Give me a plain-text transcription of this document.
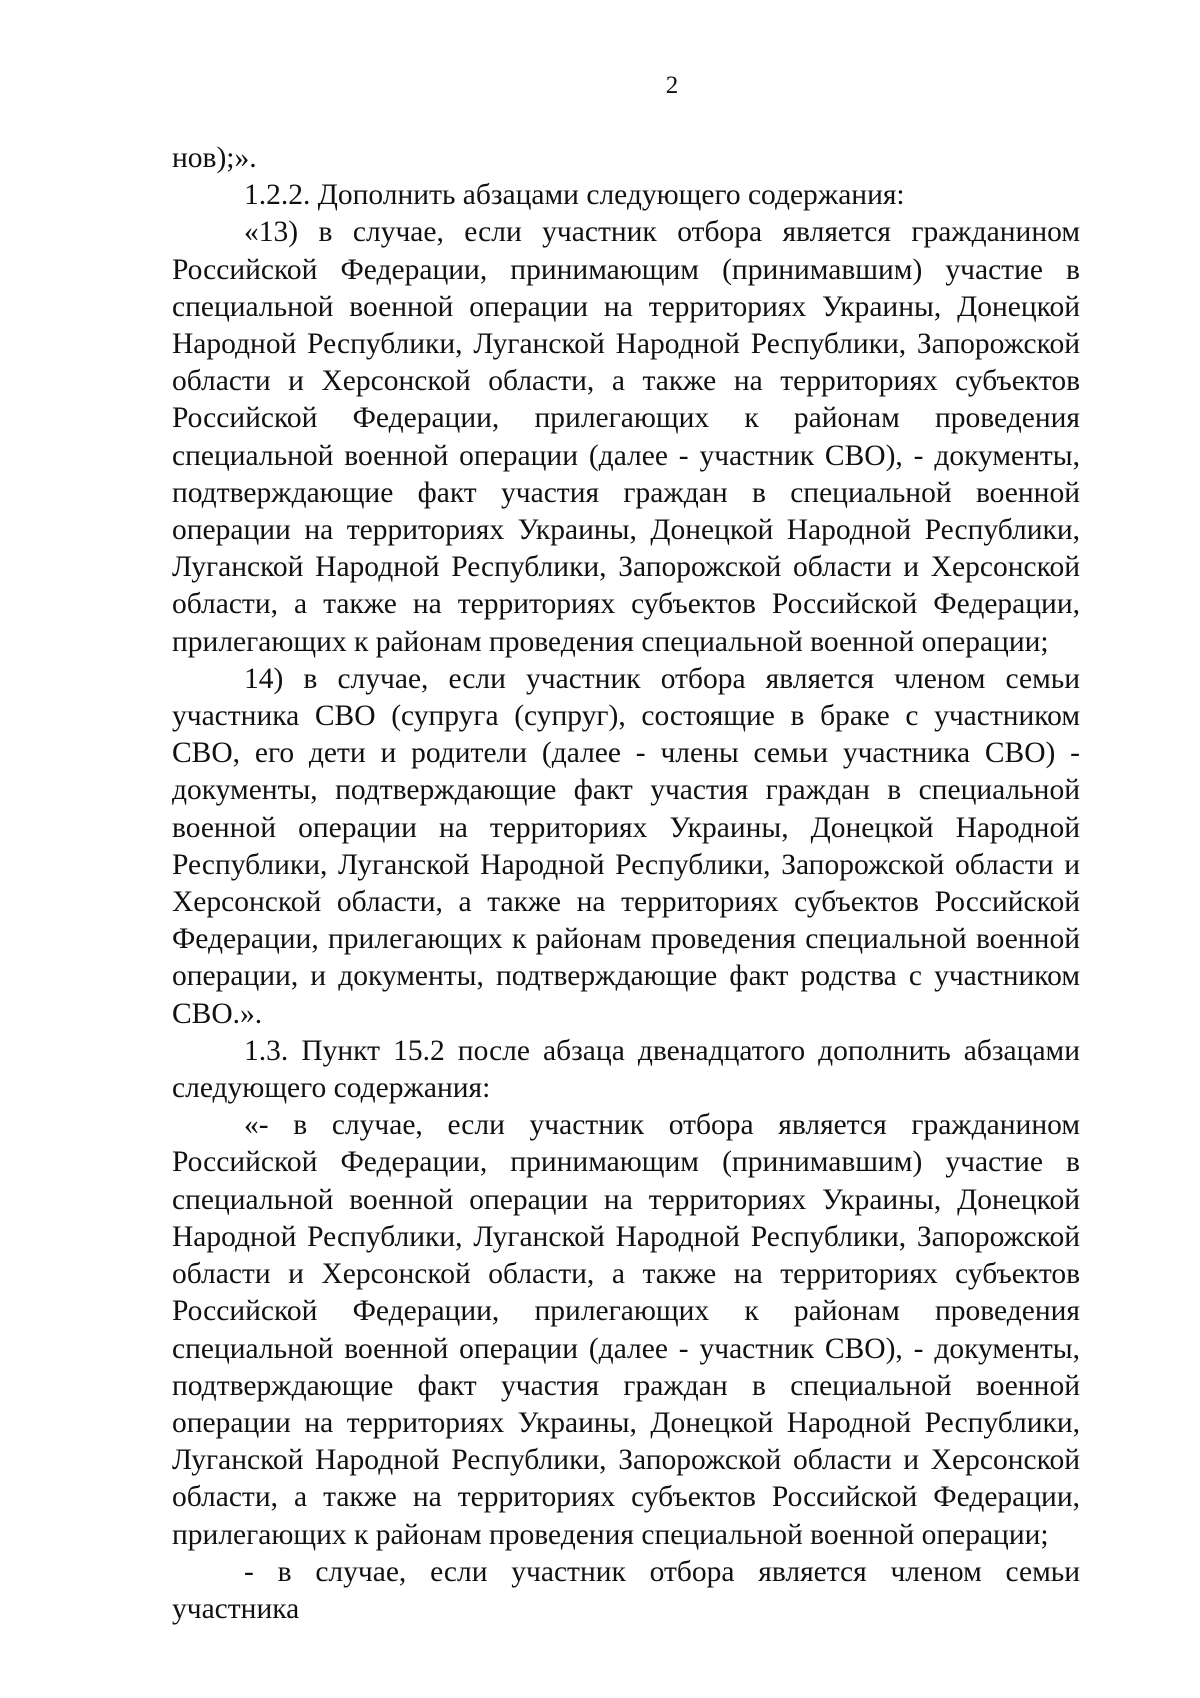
2

нов);».

1.2.2. Дополнить абзацами следующего содержания:

«13) в случае, если участник отбора является гражданином Российской Федерации, принимающим (принимавшим) участие в специальной военной операции на территориях Украины, Донецкой Народной Республики, Луганской Народной Республики, Запорожской области и Херсонской области, а также на территориях субъектов Российской Федерации, прилегающих к районам проведения специальной военной операции (далее - участник СВО), - документы, подтверждающие факт участия граждан в специальной военной операции на территориях Украины, Донецкой Народной Республики, Луганской Народной Республики, Запорожской области и Херсонской области, а также на территориях субъектов Российской Федерации, прилегающих к районам проведения специальной военной операции;

14) в случае, если участник отбора является членом семьи участника СВО (супруга (супруг), состоящие в браке с участником СВО, его дети и родители (далее - члены семьи участника СВО) - документы, подтверждающие факт участия граждан в специальной военной операции на территориях Украины, Донецкой Народной Республики, Луганской Народной Республики, Запорожской области и Херсонской области, а также на территориях субъектов Российской Федерации, прилегающих к районам проведения специальной военной операции, и документы, подтверждающие факт родства с участником СВО.».

1.3. Пункт 15.2 после абзаца двенадцатого дополнить абзацами следующего содержания:

«- в случае, если участник отбора является гражданином Российской Федерации, принимающим (принимавшим) участие в специальной военной операции на территориях Украины, Донецкой Народной Республики, Луганской Народной Республики, Запорожской области и Херсонской области, а также на территориях субъектов Российской Федерации, прилегающих к районам проведения специальной военной операции (далее - участник СВО), - документы, подтверждающие факт участия граждан в специальной военной операции на территориях Украины, Донецкой Народной Республики, Луганской Народной Республики, Запорожской области и Херсонской области, а также на территориях субъектов Российской Федерации, прилегающих к районам проведения специальной военной операции;

- в случае, если участник отбора является членом семьи участника
